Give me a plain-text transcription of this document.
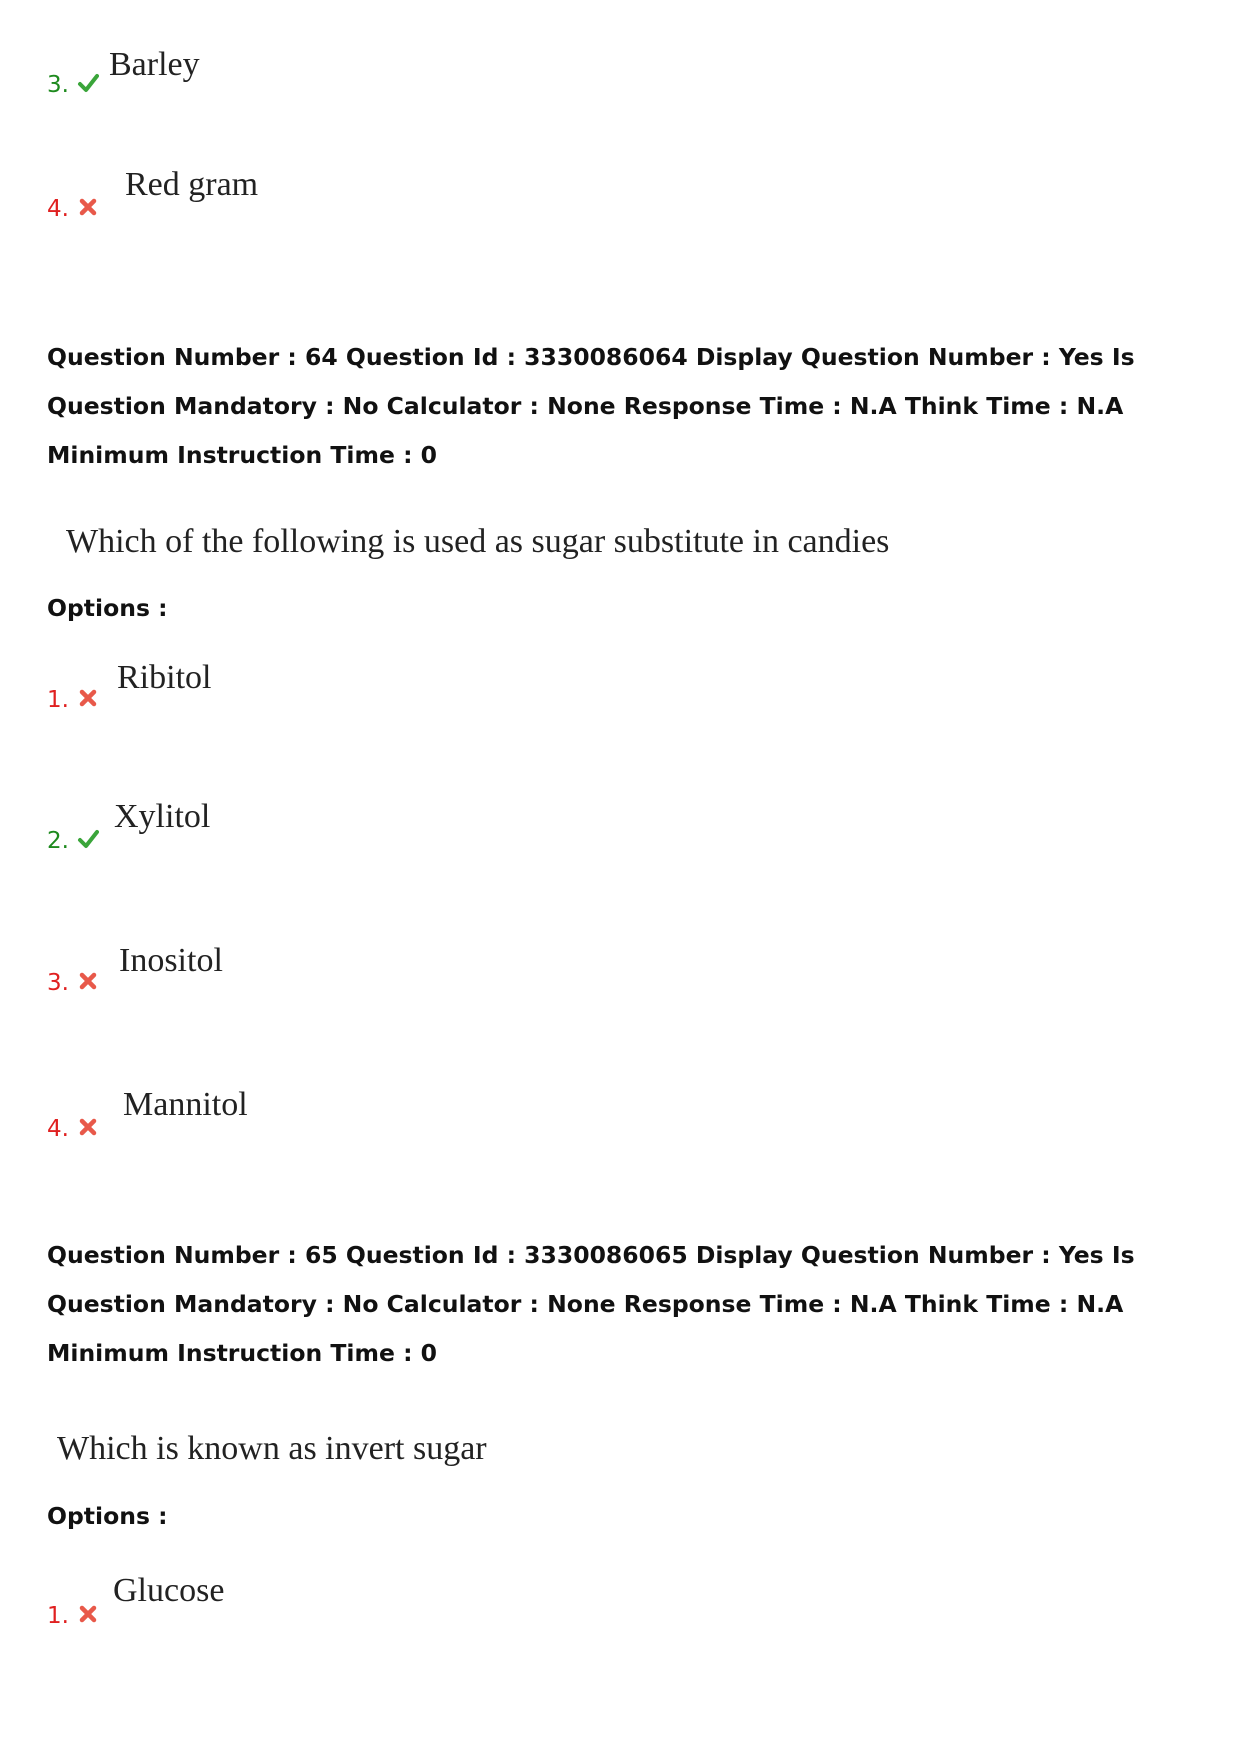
3.
Barley
4.
Red gram
Question Number : 64 Question Id : 3330086064 Display Question Number : Yes Is Question Mandatory : No Calculator : None Response Time : N.A Think Time : N.A Minimum Instruction Time : 0
Which of the following is used as sugar substitute in candies
Options :
1.
Ribitol
2.
Xylitol
3.
Inositol
4.
Mannitol
Question Number : 65 Question Id : 3330086065 Display Question Number : Yes Is Question Mandatory : No Calculator : None Response Time : N.A Think Time : N.A Minimum Instruction Time : 0
Which is known as invert sugar
Options :
1.
Glucose
